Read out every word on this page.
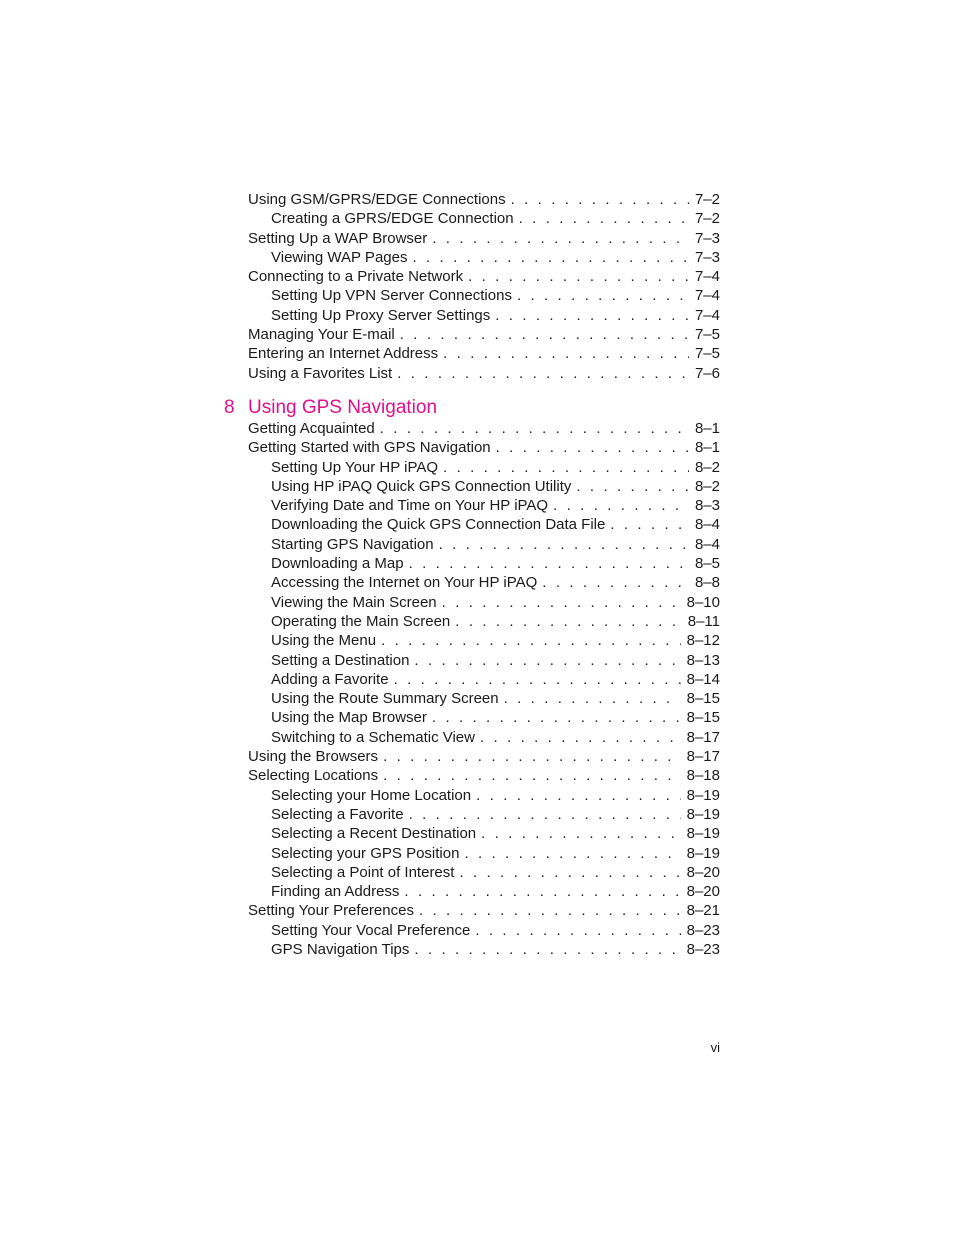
Using GSM/GPRS/EDGE Connections . . .	7–2
Creating a GPRS/EDGE Connection . . .	7–2
Setting Up a WAP Browser . . .	7–3
Viewing WAP Pages . . .	7–3
Connecting to a Private Network . . .	7–4
Setting Up VPN Server Connections . . .	7–4
Setting Up Proxy Server Settings . . .	7–4
Managing Your E-mail . . .	7–5
Entering an Internet Address . . .	7–5
Using a Favorites List . . .	7–6
8 Using GPS Navigation
Getting Acquainted . . .	8–1
Getting Started with GPS Navigation . . .	8–1
Setting Up Your HP iPAQ . . .	8–2
Using HP iPAQ Quick GPS Connection Utility . . .	8–2
Verifying Date and Time on Your HP iPAQ . . .	8–3
Downloading the Quick GPS Connection Data File . . .	8–4
Starting GPS Navigation . . .	8–4
Downloading a Map . . .	8–5
Accessing the Internet on Your HP iPAQ . . .	8–8
Viewing the Main Screen . . .	8–10
Operating the Main Screen . . .	8–11
Using the Menu . . .	8–12
Setting a Destination . . .	8–13
Adding a Favorite . . .	8–14
Using the Route Summary Screen . . .	8–15
Using the Map Browser . . .	8–15
Switching to a Schematic View . . .	8–17
Using the Browsers . . .	8–17
Selecting Locations . . .	8–18
Selecting your Home Location . . .	8–19
Selecting a Favorite . . .	8–19
Selecting a Recent Destination . . .	8–19
Selecting your GPS Position . . .	8–19
Selecting a Point of Interest . . .	8–20
Finding an Address . . .	8–20
Setting Your Preferences . . .	8–21
Setting Your Vocal Preference . . .	8–23
GPS Navigation Tips . . .	8–23
vi
